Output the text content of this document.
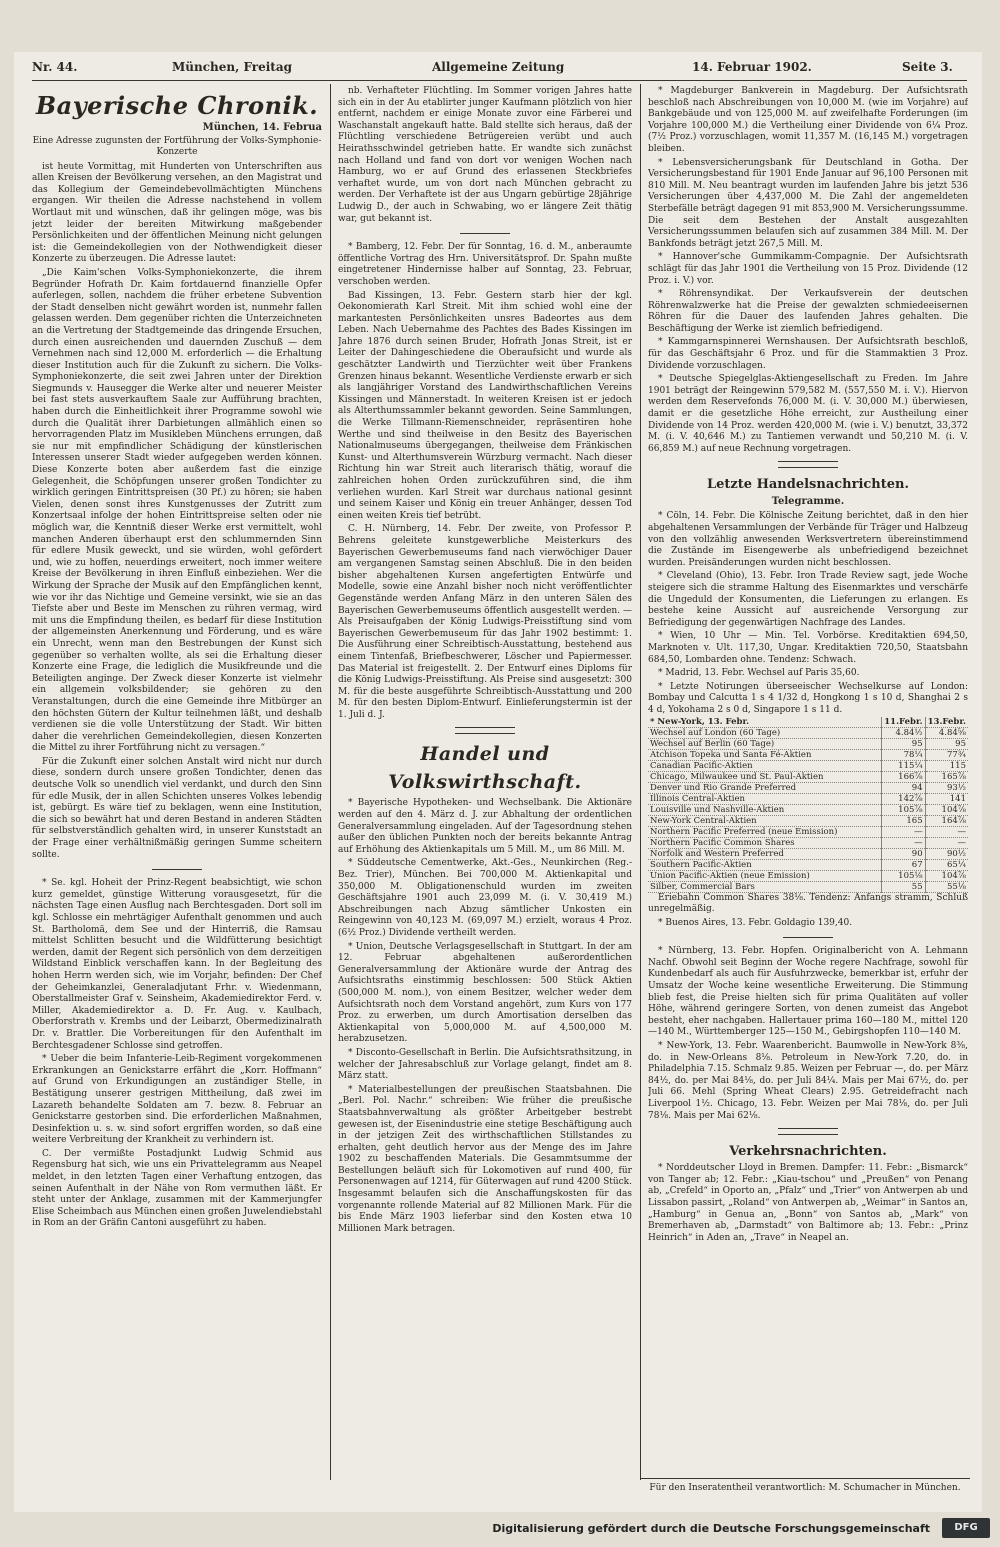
Nr. 44.	München, Freitag	Allgemeine Zeitung	14. Februar 1902.	Seite 3.
Bayerische Chronik.
München, 14. Februa
Eine Adresse zugunsten der Fortführung der Volks-Symphonie-Konzerte

ist heute Vormittag, mit Hunderten von Unterschriften aus allen Kreisen der Bevölkerung versehen, an den Magistrat und das Kollegium der Gemeindebevollmächtigten Münchens ergangen. Wir theilen die Adresse nachstehend in vollem Wortlaut mit und wünschen, daß ihr gelingen möge, was bis jetzt leider der bereiten Mitwirkung maßgebender Persönlichkeiten und der öffentlichen Meinung nicht gelungen ist: die Gemeindekollegien von der Nothwendigkeit dieser Konzerte zu überzeugen. Die Adresse lautet:

„Die Kaim'schen Volks-Symphoniekonzerte, die ihrem Begründer Hofrath Dr. Kaim fortdauernd finanzielle Opfer auferlegen, sollen, nachdem die früher erbetene Subvention der Stadt denselben nicht gewährt worden ist, nunmehr fallen gelassen werden. Dem gegenüber richten die Unterzeichneten an die Vertretung der Stadtgemeinde das dringende Ersuchen, durch einen ausreichenden und dauernden Zuschuß — dem Vernehmen nach sind 12,000 M. erforderlich — die Erhaltung dieser Institution auch für die Zukunft zu sichern. Die Volks-Symphoniekonzerte, die seit zwei Jahren unter der Direktion Siegmunds v. Hausegger die Werke alter und neuerer Meister bei fast stets ausverkauftem Saale zur Aufführung brachten, haben durch die Einheitlichkeit ihrer Programme sowohl wie durch die Qualität ihrer Darbietungen allmählich einen so hervorragenden Platz im Musikleben Münchens errungen, daß sie nur mit empfindlicher Schädigung der künstlerischen Interessen unserer Stadt wieder aufgegeben werden können. Diese Konzerte boten aber außerdem fast die einzige Gelegenheit, die Schöpfungen unserer großen Tondichter zu wirklich geringen Eintrittspreisen (30 Pf.) zu hören; sie haben Vielen, denen sonst ihres Kunstgenusses der Zutritt zum Konzertsaal infolge der hohen Eintrittspreise selten oder nie möglich war, die Kenntniß dieser Werke erst vermittelt, wohl manchen Anderen überhaupt erst den schlummernden Sinn für edlere Musik geweckt, und sie würden, wohl gefördert und, wie zu hoffen, neuerdings erweitert, noch immer weitere Kreise der Bevölkerung in ihren Einfluß einbeziehen. Wer die Wirkung der Sprache der Musik auf den Empfänglichen kennt, wie vor ihr das Nichtige und Gemeine versinkt, wie sie an das Tiefste aber und Beste im Menschen zu rühren vermag, wird mit uns die Empfindung theilen, es bedarf für diese Institution der allgemeinsten Anerkennung und Förderung, und es wäre ein Unrecht, wenn man den Bestrebungen der Kunst sich gegenüber so verhalten wollte, als sei die Erhaltung dieser Konzerte eine Frage, die lediglich die Musikfreunde und die Beteiligten anginge. Der Zweck dieser Konzerte ist vielmehr ein allgemein volksbildender; sie gehören zu den Veranstaltungen, durch die eine Gemeinde ihre Mitbürger an den höchsten Gütern der Kultur teilnehmen läßt, und deshalb verdienen sie die volle Unterstützung der Stadt. Wir bitten daher die verehrlichen Gemeindekollegien, diesen Konzerten die Mittel zu ihrer Fortführung nicht zu versagen.“

Für die Zukunft einer solchen Anstalt wird nicht nur durch diese, sondern durch unsere großen Tondichter, denen das deutsche Volk so unendlich viel verdankt, und durch den Sinn für edle Musik, der in allen Schichten unseres Volkes lebendig ist, gebürgt. Es wäre tief zu beklagen, wenn eine Institution, die sich so bewährt hat und deren Bestand in anderen Städten für selbstverständlich gehalten wird, in unserer Kunststadt an der Frage einer verhältnißmäßig geringen Summe scheitern sollte.

* Se. kgl. Hoheit der Prinz-Regent beabsichtigt, wie schon kurz gemeldet, günstige Witterung vorausgesetzt, für die nächsten Tage einen Ausflug nach Berchtesgaden. Dort soll im kgl. Schlosse ein mehrtägiger Aufenthalt genommen und auch St. Bartholomä, dem See und der Hinterriß, die Ramsau mittelst Schlitten besucht und die Wildfütterung besichtigt werden, damit der Regent sich persönlich von dem derzeitigen Wildstand Einblick verschaffen kann. In der Begleitung des hohen Herrn werden sich, wie im Vorjahr, befinden: Der Chef der Geheimkanzlei, Generaladjutant Frhr. v. Wiedenmann, Oberstallmeister Graf v. Seinsheim, Akademiedirektor Ferd. v. Miller, Akademiedirektor a. D. Fr. Aug. v. Kaulbach, Oberforstrath v. Krembs und der Leibarzt, Obermedizinalrath Dr. v. Brattler. Die Vorbereitungen für den Aufenthalt im Berchtesgadener Schlosse sind getroffen.

* Ueber die beim Infanterie-Leib-Regiment vorgekommenen Erkrankungen an Genickstarre erfährt die „Korr. Hoffmann“ auf Grund von Erkundigungen an zuständiger Stelle, in Bestätigung unserer gestrigen Mittheilung, daß zwei im Lazareth behandelte Soldaten am 7. bezw. 8. Februar an Genickstarre gestorben sind. Die erforderlichen Maßnahmen, Desinfektion u. s. w. sind sofort ergriffen worden, so daß eine weitere Verbreitung der Krankheit zu verhindern ist.

C. Der vermißte Postadjunkt Ludwig Schmid aus Regensburg hat sich, wie uns ein Privattelegramm aus Neapel meldet, in den letzten Tagen einer Verhaftung entzogen, das seinen Aufenthalt in der Nähe von Rom vermuthen läßt. Er steht unter der Anklage, zusammen mit der Kammerjungfer Elise Scheimbach aus München einen großen Juwelendiebstahl in Rom an der Gräfin Cantoni ausgeführt zu haben.

nb. Verhafteter Flüchtling. Im Sommer vorigen Jahres hatte sich ein in der Au etablirter junger Kaufmann plötzlich von hier entfernt, nachdem er einige Monate zuvor eine Färberei und Waschanstalt angekauft hatte. Bald stellte sich heraus, daß der Flüchtling verschiedene Betrügereien verübt und auch Heirathsschwindel getrieben hatte. Er wandte sich zunächst nach Holland und fand von dort vor wenigen Wochen nach Hamburg, wo er auf Grund des erlassenen Steckbriefes verhaftet wurde, um von dort nach München gebracht zu werden. Der Verhaftete ist der aus Ungarn gebürtige 28jährige Ludwig D., der auch in Schwabing, wo er längere Zeit thätig war, gut bekannt ist.

* Bamberg, 12. Febr. Der für Sonntag, 16. d. M., anberaumte öffentliche Vortrag des Hrn. Universitätsprof. Dr. Spahn mußte eingetretener Hindernisse halber auf Sonntag, 23. Februar, verschoben werden.

Bad Kissingen, 13. Febr. Gestern starb hier der kgl. Oekonomierath Karl Streit. Mit ihm schied wohl eine der markantesten Persönlichkeiten unsres Badeortes aus dem Leben. Nach Uebernahme des Pachtes des Bades Kissingen im Jahre 1876 durch seinen Bruder, Hofrath Jonas Streit, ist er Leiter der Dahingeschiedene die Oberaufsicht und wurde als geschätzter Landwirth und Tierzüchter weit über Frankens Grenzen hinaus bekannt. Wesentliche Verdienste erwarb er sich als langjähriger Vorstand des Landwirthschaftlichen Vereins Kissingen und Männerstadt. In weiteren Kreisen ist er jedoch als Alterthumssammler bekannt geworden. Seine Sammlungen, die Werke Tillmann-Riemenschneider, repräsentiren hohe Werthe und sind theilweise in den Besitz des Bayerischen Nationalmuseums übergegangen, theilweise dem Fränkischen Kunst- und Alterthumsverein Würzburg vermacht. Nach dieser Richtung hin war Streit auch literarisch thätig, worauf die zahlreichen hohen Orden zurückzuführen sind, die ihm verliehen wurden. Karl Streit war durchaus national gesinnt und seinem Kaiser und König ein treuer Anhänger, dessen Tod einen weiten Kreis tief betrübt.

C. H. Nürnberg, 14. Febr. Der zweite, von Professor P. Behrens geleitete kunstgewerbliche Meisterkurs des Bayerischen Gewerbemuseums fand nach vierwöchiger Dauer am vergangenen Samstag seinen Abschluß. Die in den beiden bisher abgehaltenen Kursen angefertigten Entwürfe und Modelle, sowie eine Anzahl bisher noch nicht veröffentlichter Gegenstände werden Anfang März in den unteren Sälen des Bayerischen Gewerbemuseums öffentlich ausgestellt werden. — Als Preisaufgaben der König Ludwigs-Preisstiftung sind vom Bayerischen Gewerbemuseum für das Jahr 1902 bestimmt: 1. Die Ausführung einer Schreibtisch-Ausstattung, bestehend aus einem Tintenfaß, Briefbeschwerer, Löscher und Papiermesser. Das Material ist freigestellt. 2. Der Entwurf eines Diploms für die König Ludwigs-Preisstiftung. Als Preise sind ausgesetzt: 300 M. für die beste ausgeführte Schreibtisch-Ausstattung und 200 M. für den besten Diplom-Entwurf. Einlieferungstermin ist der 1. Juli d. J.

Handel und Volkswirthschaft.

* Bayerische Hypotheken- und Wechselbank. Die Aktionäre werden auf den 4. März d. J. zur Abhaltung der ordentlichen Generalversammlung eingeladen. Auf der Tagesordnung stehen außer den üblichen Punkten noch der bereits bekannte Antrag auf Erhöhung des Aktienkapitals um 5 Mill. M., um 86 Mill. M.

* Süddeutsche Cementwerke, Akt.-Ges., Neunkirchen (Reg.-Bez. Trier), München. Bei 700,000 M. Aktienkapital und 350,000 M. Obligationenschuld wurden im zweiten Geschäftsjahre 1901 auch 23,099 M. (i. V. 30,419 M.) Abschreibungen nach Abzug sämtlicher Unkosten ein Reingewinn von 40,123 M. (69,097 M.) erzielt, woraus 4 Proz. (6½ Proz.) Dividende vertheilt werden.

* Union, Deutsche Verlagsgesellschaft in Stuttgart. In der am 12. Februar abgehaltenen außerordentlichen Generalversammlung der Aktionäre wurde der Antrag des Aufsichtsraths einstimmig beschlossen: 500 Stück Aktien (500,000 M. nom.), von einem Besitzer, welcher weder dem Aufsichtsrath noch dem Vorstand angehört, zum Kurs von 177 Proz. zu erwerben, um durch Amortisation derselben das Aktienkapital von 5,000,000 M. auf 4,500,000 M. herabzusetzen.

* Disconto-Gesellschaft in Berlin. Die Aufsichtsrathsitzung, in welcher der Jahresabschluß zur Vorlage gelangt, findet am 8. März statt.

* Materialbestellungen der preußischen Staatsbahnen. Die „Berl. Pol. Nachr.“ schreiben: Wie früher die preußische Staatsbahnverwaltung als größter Arbeitgeber bestrebt gewesen ist, der Eisenindustrie eine stetige Beschäftigung auch in der jetzigen Zeit des wirthschaftlichen Stillstandes zu erhalten, geht deutlich hervor aus der Menge des im Jahre 1902 zu beschaffenden Materials. Die Gesammtsumme der Bestellungen beläuft sich für Lokomotiven auf rund 400, für Personenwagen auf 1214, für Güterwagen auf rund 4200 Stück. Insgesammt belaufen sich die Anschaffungskosten für das vorgenannte rollende Material auf 82 Millionen Mark. Für die bis Ende März 1903 lieferbar sind den Kosten etwa 10 Millionen Mark betragen.

* Magdeburger Bankverein in Magdeburg. Der Aufsichtsrath beschloß nach Abschreibungen von 10,000 M. (wie im Vorjahre) auf Bankgebäude und von 125,000 M. auf zweifelhafte Forderungen (im Vorjahre 100,000 M.) die Vertheilung einer Dividende von 6¼ Proz. (7½ Proz.) vorzuschlagen, womit 11,357 M. (16,145 M.) vorgetragen bleiben.

* Lebensversicherungsbank für Deutschland in Gotha. Der Versicherungsbestand für 1901 Ende Januar auf 96,100 Personen mit 810 Mill. M. Neu beantragt wurden im laufenden Jahre bis jetzt 536 Versicherungen über 4,437,000 M. Die Zahl der angemeldeten Sterbefälle beträgt dagegen 91 mit 853,900 M. Versicherungssumme. Die seit dem Bestehen der Anstalt ausgezahlten Versicherungssummen belaufen sich auf zusammen 384 Mill. M. Der Bankfonds beträgt jetzt 267,5 Mill. M.

* Hannover'sche Gummikamm-Compagnie. Der Aufsichtsrath schlägt für das Jahr 1901 die Vertheilung von 15 Proz. Dividende (12 Proz. i. V.) vor.

* Röhrensyndikat. Der Verkaufsverein der deutschen Röhrenwalzwerke hat die Preise der gewalzten schmiedeeisernen Röhren für die Dauer des laufenden Jahres gehalten. Die Beschäftigung der Werke ist ziemlich befriedigend.

* Kammgarnspinnerei Wernshausen. Der Aufsichtsrath beschloß, für das Geschäftsjahr 6 Proz. und für die Stammaktien 3 Proz. Dividende vorzuschlagen.

* Deutsche Spiegelglas-Aktiengesellschaft zu Freden. Im Jahre 1901 beträgt der Reingewinn 579,582 M. (557,550 M. i. V.). Hiervon werden dem Reservefonds 76,000 M. (i. V. 30,000 M.) überwiesen, damit er die gesetzliche Höhe erreicht, zur Austheilung einer Dividende von 14 Proz. werden 420,000 M. (wie i. V.) benutzt, 33,372 M. (i. V. 40,646 M.) zu Tantiemen verwandt und 50,210 M. (i. V. 66,859 M.) auf neue Rechnung vorgetragen.

Letzte Handelsnachrichten.
Telegramme.

* Cöln, 14. Febr. Die Kölnische Zeitung berichtet, daß in den hier abgehaltenen Versammlungen der Verbände für Träger und Halbzeug von den vollzählig anwesenden Werksvertretern übereinstimmend die Zustände im Eisengewerbe als unbefriedigend bezeichnet wurden. Preisänderungen wurden nicht beschlossen.

* Cleveland (Ohio), 13. Febr. Iron Trade Review sagt, jede Woche steigere sich die stramme Haltung des Eisenmarktes und verschärfe die Ungeduld der Konsumenten, die Lieferungen zu erlangen. Es bestehe keine Aussicht auf ausreichende Versorgung zur Befriedigung der gegenwärtigen Nachfrage des Landes.

* Wien, 10 Uhr — Min. Tel. Vorbörse. Kreditaktien 694,50, Marknoten v. Ult. 117,30, Ungar. Kreditaktien 720,50, Staatsbahn 684,50, Lombarden ohne. Tendenz: Schwach.

* Madrid, 13. Febr. Wechsel auf Paris 35,60.

* Letzte Notirungen überseeischer Wechselkurse auf London: Bombay und Calcutta 1 s 4 1/32 d, Hongkong 1 s 10 d, Shanghai 2 s 4 d, Yokohama 2 s 0 d, Singapore 1 s 11 d.

* New-York, 13. Febr.	11.Febr.	13.Febr.
Wechsel auf London (60 Tage)	4.84½	4.84⅝
Wechsel auf Berlin (60 Tage)	95	95
Atchison Topeka und Santa Fé-Aktien	78¼	77¾
Canadian Pacific-Aktien	115¼	115
Chicago, Milwaukee und St. Paul-Aktien	166⅞	165⅞
Denver und Rio Grande Preferred	94	93½
Illinois Central-Aktien	142⅞	141
Louisville und Nashville-Aktien	105⅞	104⅞
New-York Central-Aktien	165	164⅞
Northern Pacific Preferred (neue Emission)	—	—
Northern Pacific Common Shares	—	—
Norfolk and Western Preferred	90	90½
Southern Pacific-Aktien	67	65¼
Union Pacific-Aktien (neue Emission)	105⅛	104⅞
Silber, Commercial Bars	55	55⅛

Eriebahn Common Shares 38⅛. Tendenz: Anfangs stramm, Schluß unregelmäßig.

* Buenos Aires, 13. Febr. Goldagio 139,40.

* Nürnberg, 13. Febr. Hopfen. Originalbericht von A. Lehmann Nachf. Obwohl seit Beginn der Woche regere Nachfrage, sowohl für Kundenbedarf als auch für Ausfuhrzwecke, bemerkbar ist, erfuhr der Umsatz der Woche keine wesentliche Erweiterung. Die Stimmung blieb fest, die Preise hielten sich für prima Qualitäten auf voller Höhe, während geringere Sorten, von denen zumeist das Angebot besteht, eher nachgaben. Hallertauer prima 160—180 M., mittel 120—140 M., Württemberger 125—150 M., Gebirgshopfen 110—140 M.

* New-York, 13. Febr. Waarenbericht. Baumwolle in New-York 8⅜, do. in New-Orleans 8⅛. Petroleum in New-York 7.20, do. in Philadelphia 7.15. Schmalz 9.85. Weizen per Februar —, do. per März 84½, do. per Mai 84⅛, do. per Juli 84¼. Mais per Mai 67½, do. per Juli 66. Mehl (Spring Wheat Clears) 2.95. Getreidefracht nach Liverpool 1½. Chicago, 13. Febr. Weizen per Mai 78⅛, do. per Juli 78⅛. Mais per Mai 62⅛.

Verkehrsnachrichten.

* Norddeutscher Lloyd in Bremen. Dampfer: 11. Febr.: „Bismarck“ von Tanger ab; 12. Febr.: „Kiau-tschou“ und „Preußen“ von Penang ab, „Crefeld“ in Oporto an, „Pfalz“ und „Trier“ von Antwerpen ab und Lissabon passirt, „Roland“ von Antwerpen ab, „Weimar“ in Santos an, „Hamburg“ in Genua an, „Bonn“ von Santos ab, „Mark“ von Bremerhaven ab, „Darmstadt“ von Baltimore ab; 13. Febr.: „Prinz Heinrich“ in Aden an, „Trave“ in Neapel an.

Für den Inseratentheil verantwortlich: M. Schumacher in München.
Digitalisierung gefördert durch die Deutsche Forschungsgemeinschaft	DFG
